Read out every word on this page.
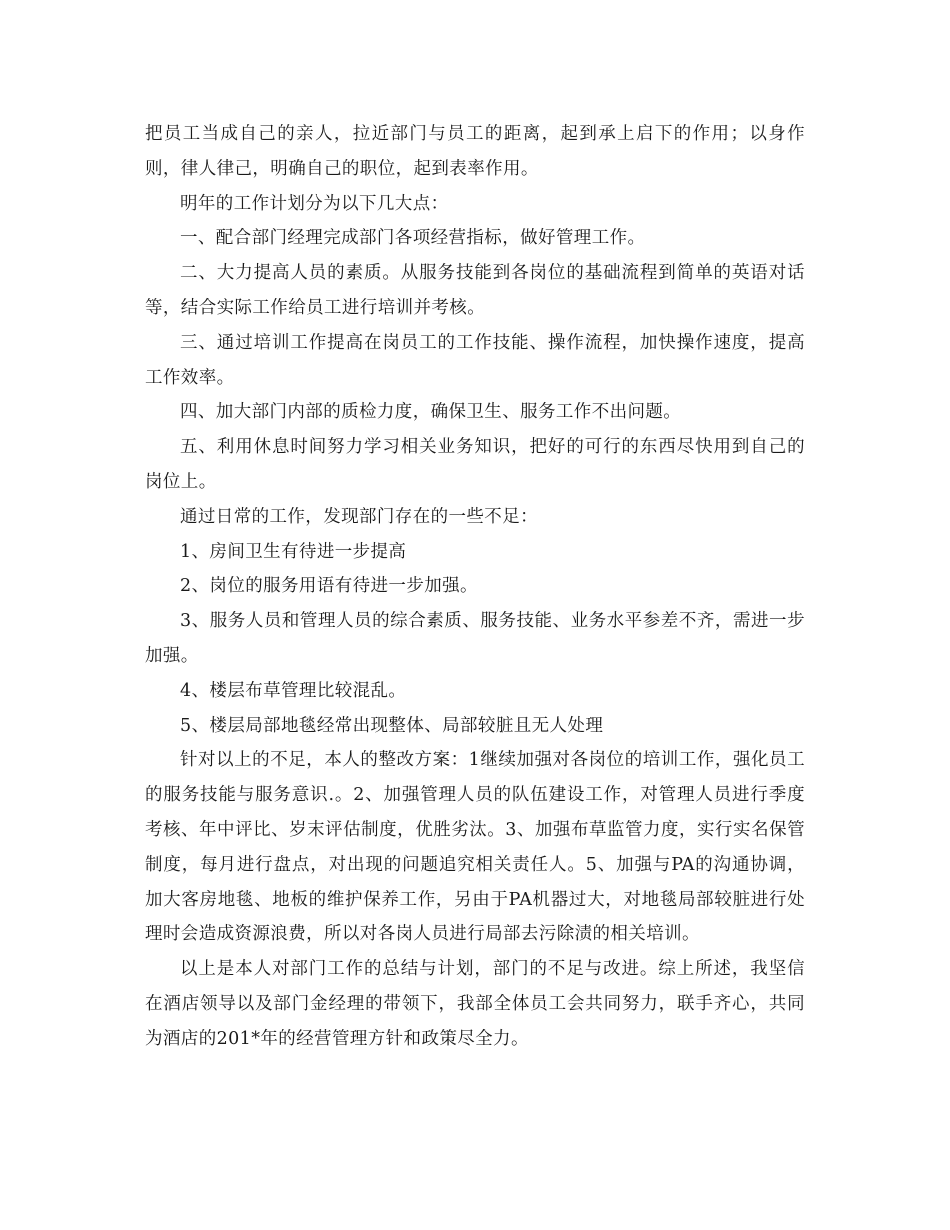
把员工当成自己的亲人，拉近部门与员工的距离，起到承上启下的作用；以身作则，律人律己，明确自己的职位，起到表率作用。

明年的工作计划分为以下几大点：

一、配合部门经理完成部门各项经营指标，做好管理工作。

二、大力提高人员的素质。从服务技能到各岗位的基础流程到简单的英语对话等，结合实际工作给员工进行培训并考核。

三、通过培训工作提高在岗员工的工作技能、操作流程，加快操作速度，提高工作效率。

四、加大部门内部的质检力度，确保卫生、服务工作不出问题。

五、利用休息时间努力学习相关业务知识，把好的可行的东西尽快用到自己的岗位上。

通过日常的工作，发现部门存在的一些不足：

1、房间卫生有待进一步提高

2、岗位的服务用语有待进一步加强。

3、服务人员和管理人员的综合素质、服务技能、业务水平参差不齐，需进一步加强。

4、楼层布草管理比较混乱。

5、楼层局部地毯经常出现整体、局部较脏且无人处理

针对以上的不足，本人的整改方案：1继续加强对各岗位的培训工作，强化员工的服务技能与服务意识.。2、加强管理人员的队伍建设工作，对管理人员进行季度考核、年中评比、岁末评估制度，优胜劣汰。3、加强布草监管力度，实行实名保管制度，每月进行盘点，对出现的问题追究相关责任人。5、加强与PA的沟通协调，加大客房地毯、地板的维护保养工作，另由于PA机器过大，对地毯局部较脏进行处理时会造成资源浪费，所以对各岗人员进行局部去污除渍的相关培训。

以上是本人对部门工作的总结与计划，部门的不足与改进。综上所述，我坚信在酒店领导以及部门金经理的带领下，我部全体员工会共同努力，联手齐心，共同为酒店的201*年的经营管理方针和政策尽全力。
